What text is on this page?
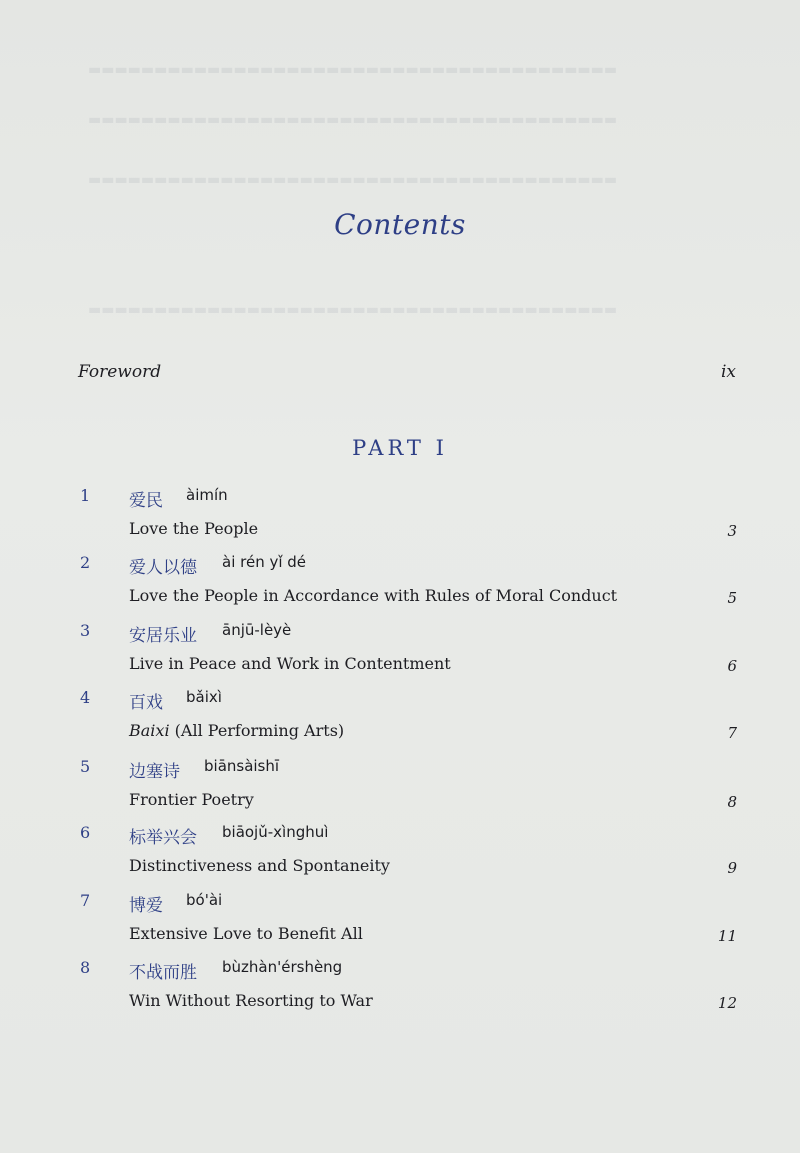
▬▬▬▬▬▬▬▬▬▬▬▬▬▬▬▬▬▬▬▬▬▬▬▬▬▬▬▬▬▬▬▬▬▬▬▬▬▬▬▬
▬▬▬▬▬▬▬▬▬▬▬▬▬▬▬▬▬▬▬▬▬▬▬▬▬▬▬▬▬▬▬▬▬▬▬▬▬▬▬▬
▬▬▬▬▬▬▬▬▬▬▬▬▬▬▬▬▬▬▬▬▬▬▬▬▬▬▬▬▬▬▬▬▬▬▬▬▬▬▬▬
▬▬▬▬▬▬▬▬▬▬▬▬▬▬▬▬▬▬▬▬▬▬▬▬▬▬▬▬▬▬▬▬▬▬▬▬▬▬▬▬
Contents
Foreword	ix
PART I
1 爱民 àimín
Love the People	3
2 爱人以德 ài rén yǐ dé
Love the People in Accordance with Rules of Moral Conduct	5
3 安居乐业 ānjū-lèyè
Live in Peace and Work in Contentment	6
4 百戏 bǎixì
Baixi (All Performing Arts)	7
5 边塞诗 biānsàishī
Frontier Poetry	8
6 标举兴会 biāojǔ-xìnghuì
Distinctiveness and Spontaneity	9
7 博爱 bó'ài
Extensive Love to Benefit All	11
8 不战而胜 bùzhàn'érshèng
Win Without Resorting to War	12
